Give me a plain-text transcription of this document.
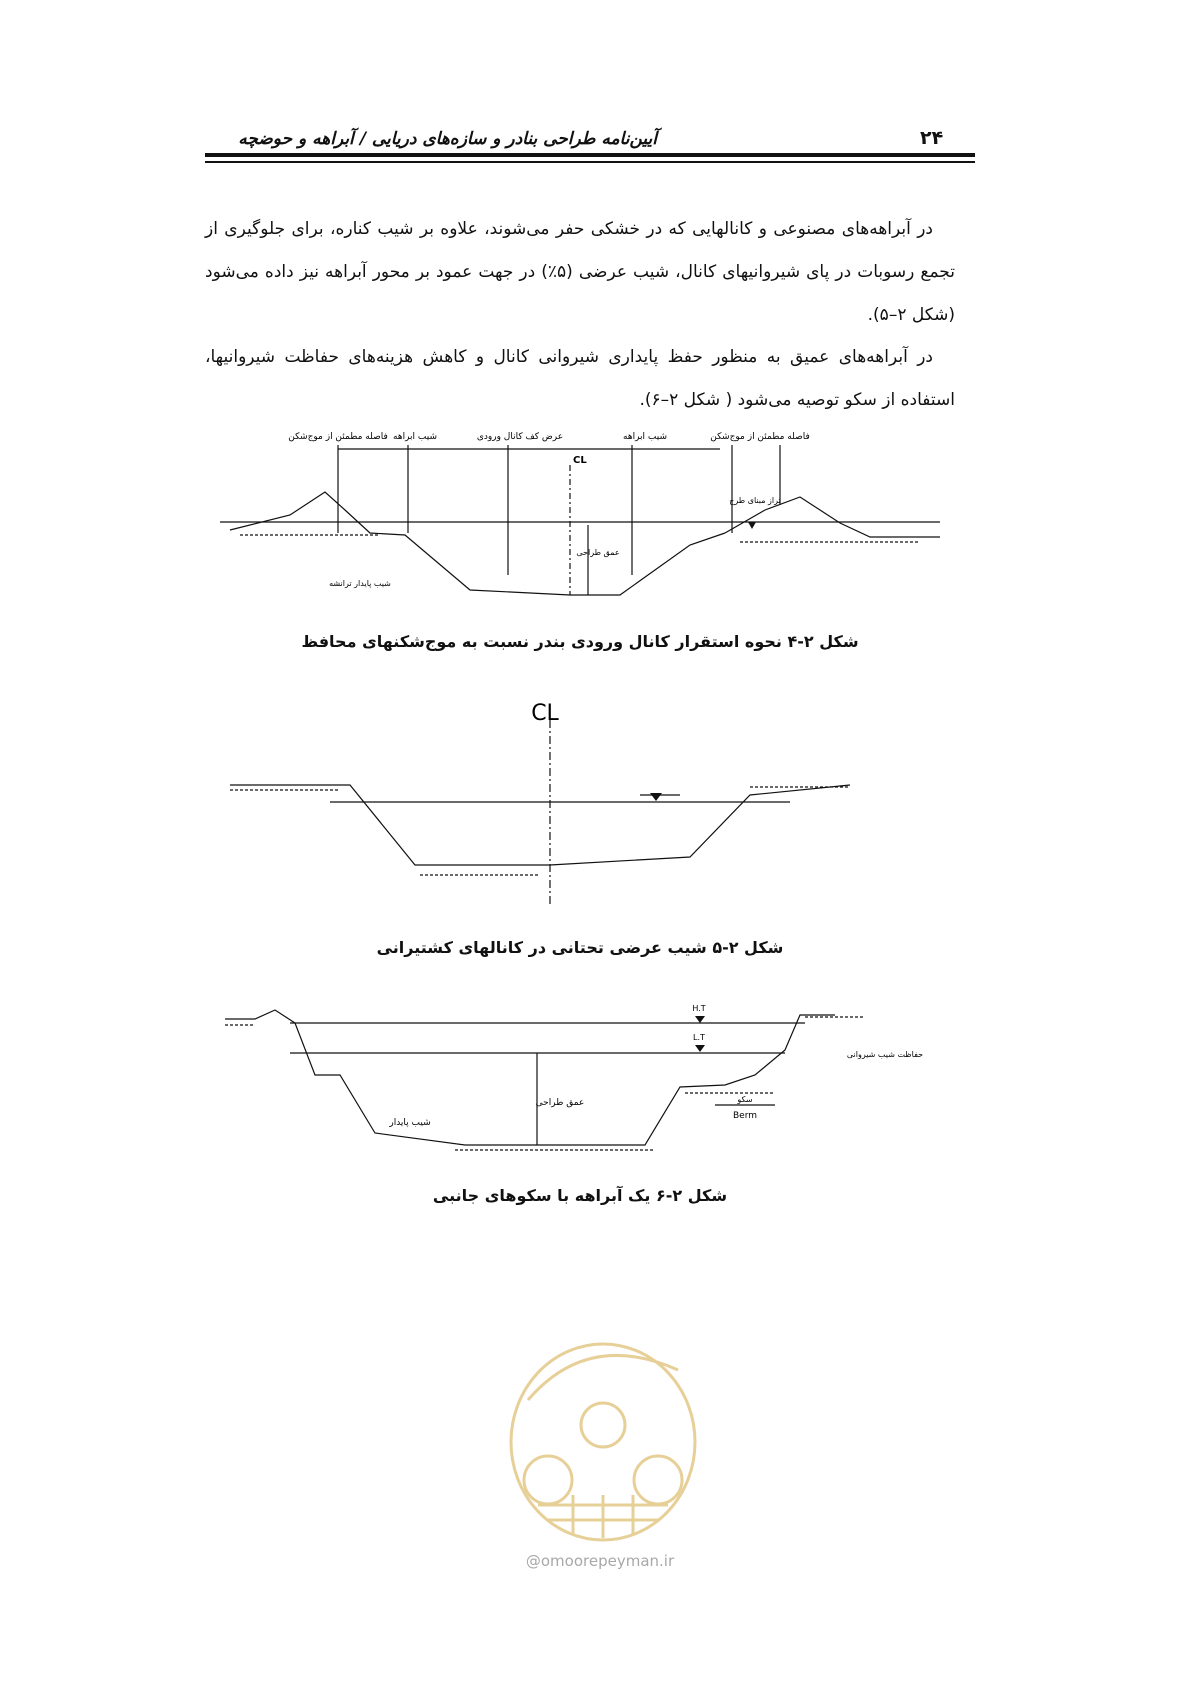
۲۴
آیین‌نامه طراحی بنادر و سازه‌های دریایی / آبراهه و حوضچه

در آبراهه‌های مصنوعی و کانالهایی که در خشکی حفر می‌شوند، علاوه بر شیب کناره، برای جلوگیری از تجمع رسوبات در پای شیروانیهای کانال، شیب عرضی (۵٪) در جهت عمود بر محور آبراهه نیز داده می‌شود (شکل ۲–۵).

در آبراهه‌های عمیق به منظور حفظ پایداری شیروانی کانال و کاهش هزینه‌های حفاظت شیروانیها، استفاده از سکو توصیه می‌شود ( شکل ۲–۶).

فاصله مطمئن از موج‌شکن شیب ابراهه	عرض کف کانال ورودی	شیب ابراهه	فاصله مطمئن از موج‌شکن
CL
تراز مبنای طرح
عمق طراحی
شیب پایدار ترانشه
شکل ۲-۴ نحوه استقرار کانال ورودی بندر نسبت به موج‌شکنهای محافظ
CL
شکل ۲-۵ شیب عرضی تحتانی در کانالهای کشتیرانی
H.T
L.T
عمق طراحی
شیب پایدار
حفاظت شیب شیروانی
سکو
Berm
شکل ۲-۶ یک آبراهه با سکوهای جانبی
@omoorepeyman.ir
